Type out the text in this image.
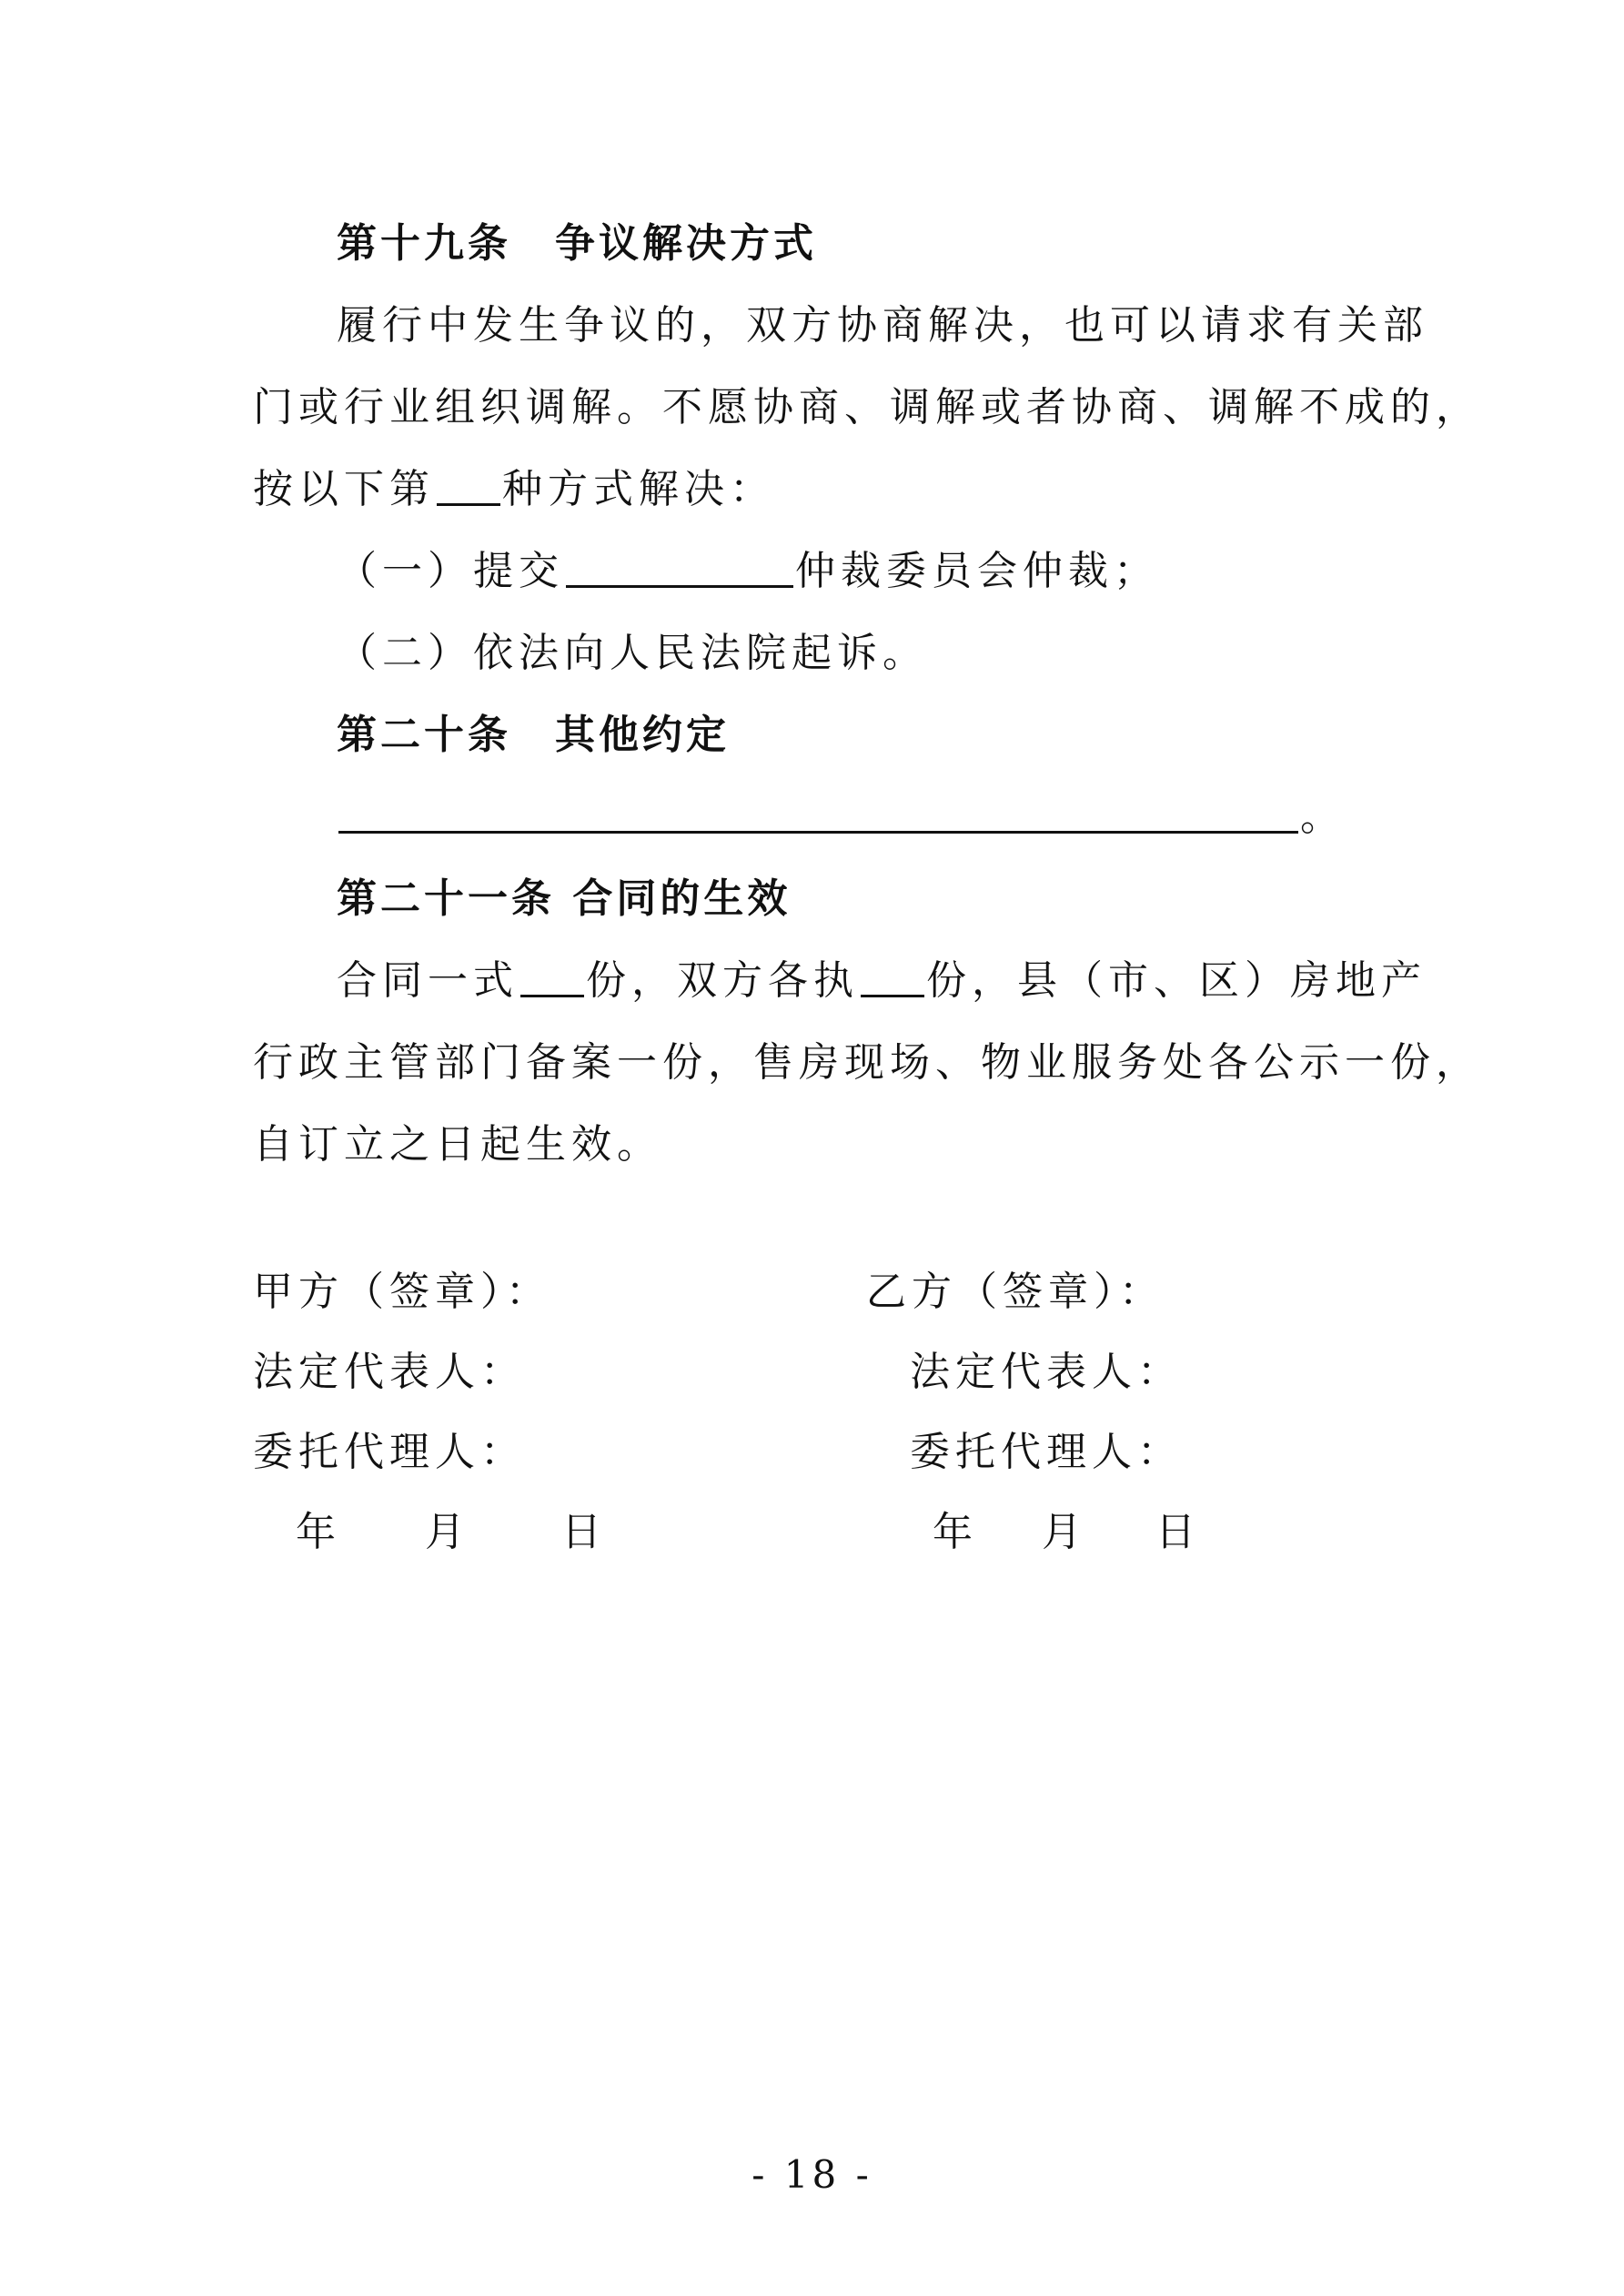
第十九条　争议解决方式
履行中发生争议的，双方协商解决，也可以请求有关部
门或行业组织调解。不愿协商、调解或者协商、调解不成的，
按以下第 种方式解决：
（一）提交	仲裁委员会仲裁；
（二）依法向人民法院起诉。
第二十条　其他约定
。
第二十一条 合同的生效
合同一式 份，双方各执 份，县（市、区）房地产
行政主管部门备案一份，售房现场、物业服务处各公示一份，
自订立之日起生效。
甲方（签章）：
法定代表人：
委托代理人：
年 月 日
乙方（签章）：
法定代表人：
委托代理人：
年 月 日
- 18 -
